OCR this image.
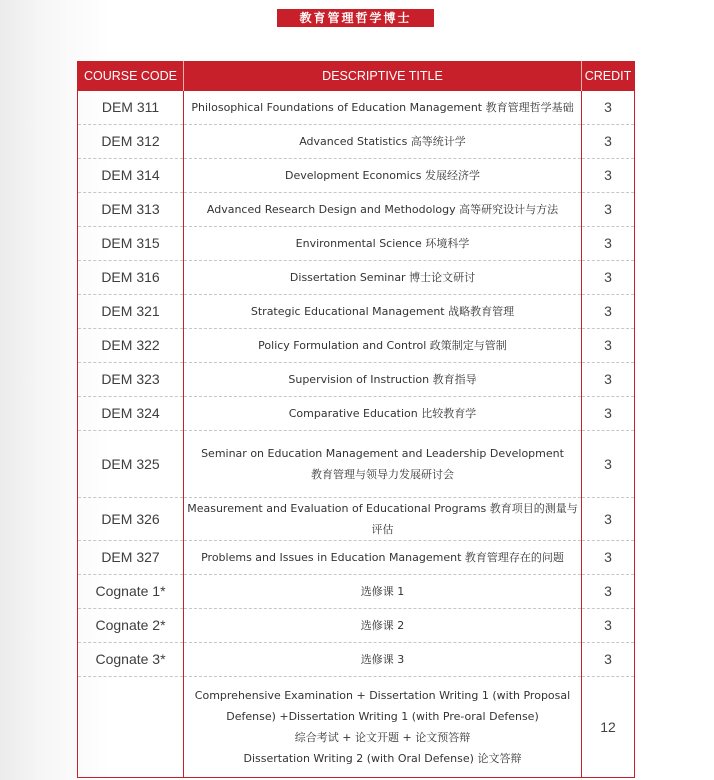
教育管理哲学博士
COURSE CODE	DESCRIPTIVE TITLE	CREDIT
DEM 311	Philosophical Foundations of Education Management 教育管理哲学基础	3
DEM 312	Advanced Statistics 高等统计学	3
DEM 314	Development Economics 发展经济学	3
DEM 313	Advanced Research Design and Methodology 高等研究设计与方法	3
DEM 315	Environmental Science 环境科学	3
DEM 316	Dissertation Seminar 博士论文研讨	3
DEM 321	Strategic Educational Management 战略教育管理	3
DEM 322	Policy Formulation and Control 政策制定与管制	3
DEM 323	Supervision of Instruction 教育指导	3
DEM 324	Comparative Education 比较教育学	3
DEM 325	Seminar on Education Management and Leadership Development
教育管理与领导力发展研讨会	3
DEM 326	Measurement and Evaluation of Educational Programs 教育项目的测量与评估	3
DEM 327	Problems and Issues in Education Management 教育管理存在的问题	3
Cognate 1*	选修课 1	3
Cognate 2*	选修课 2	3
Cognate 3*	选修课 3	3

	Comprehensive Examination + Dissertation Writing 1 (with Proposal
Defense) +Dissertation Writing 1 (with Pre-oral Defense)
综合考试 + 论文开题 + 论文预答辩
Dissertation Writing 2 (with Oral Defense) 论文答辩	12
